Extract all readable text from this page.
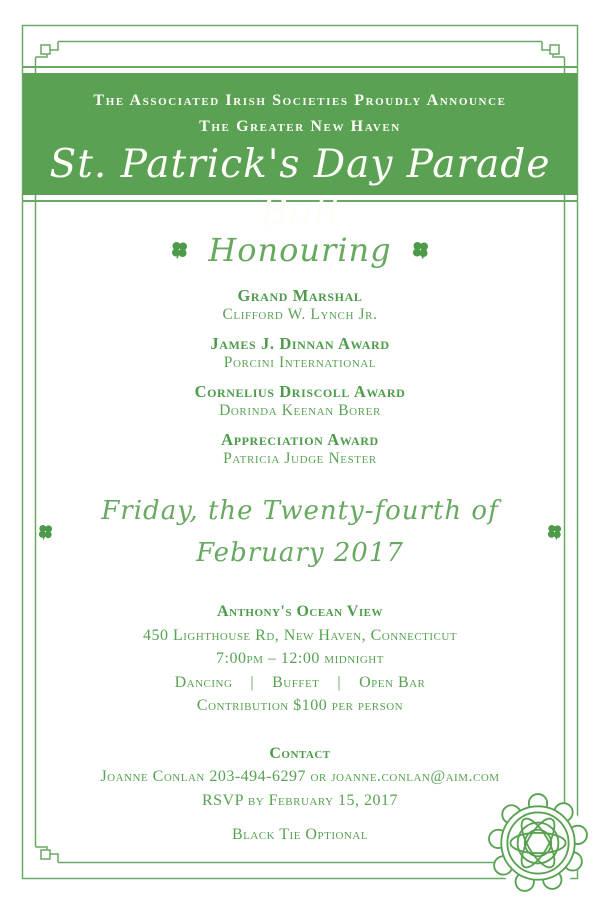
The Associated Irish Societies Proudly Announce
The Greater New Haven
St. Patrick's Day Parade Ball
Honouring
Grand Marshal
Clifford W. Lynch Jr.
James J. Dinnan Award
Porcini International
Cornelius Driscoll Award
Dorinda Keenan Borer
Appreciation Award
Patricia Judge Nester
Friday, the Twenty-fourth of February 2017
Anthony's Ocean View
450 Lighthouse Rd, New Haven, Connecticut
7:00pm – 12:00 midnight
Dancing    |    Buffet    |    Open Bar
Contribution $100 per person
Contact
Joanne Conlan 203-494-6297 or joanne.conlan@aim.com
RSVP by February 15, 2017
Black Tie Optional
